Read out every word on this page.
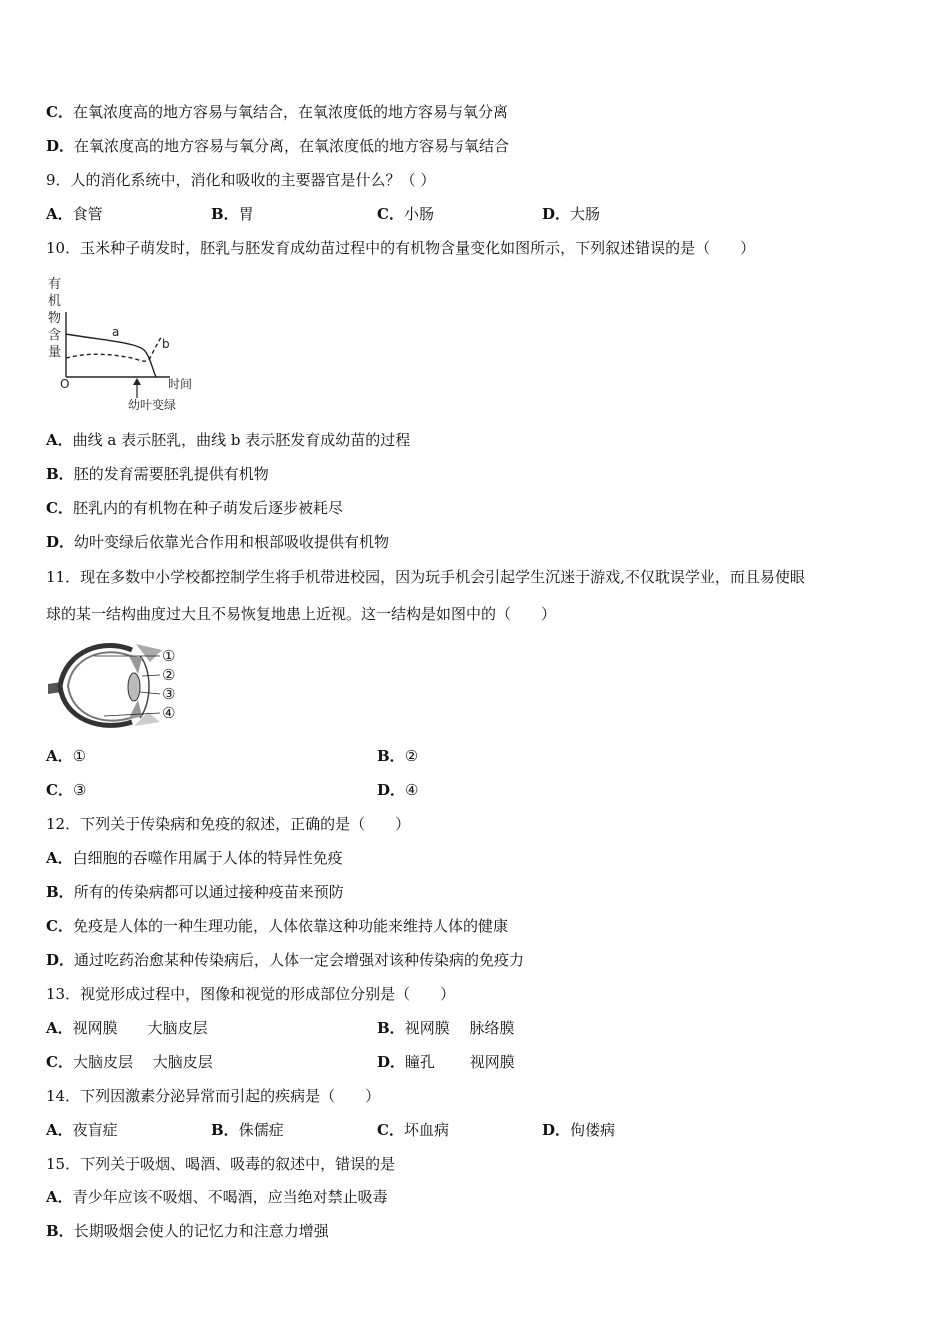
C．在氧浓度高的地方容易与氧结合，在氧浓度低的地方容易与氧分离
D．在氧浓度高的地方容易与氧分离，在氧浓度低的地方容易与氧结合
9．人的消化系统中，消化和吸收的主要器官是什么？（ ）
A．食管	B．胃	C．小肠	D．大肠
10．玉米种子萌发时，胚乳与胚发育成幼苗过程中的有机物含量变化如图所示，下列叙述错误的是（　　）
有机物含量
O	时间
a
b
幼叶变绿
A．曲线 a 表示胚乳，曲线 b 表示胚发育成幼苗的过程
B．胚的发育需要胚乳提供有机物
C．胚乳内的有机物在种子萌发后逐步被耗尽
D．幼叶变绿后依靠光合作用和根部吸收提供有机物
11．现在多数中小学校都控制学生将手机带进校园，因为玩手机会引起学生沉迷于游戏,不仅耽误学业，而且易使眼
球的某一结构曲度过大且不易恢复地患上近视。这一结构是如图中的（　　）
①
②
③
④
A．①	B．②
C．③	D．④
12．下列关于传染病和免疫的叙述，正确的是（　　）
A．白细胞的吞噬作用属于人体的特异性免疫
B．所有的传染病都可以通过接种疫苗来预防
C．免疫是人体的一种生理功能，人体依靠这种功能来维持人体的健康
D．通过吃药治愈某种传染病后，人体一定会增强对该种传染病的免疫力
13．视觉形成过程中，图像和视觉的形成部位分别是（　　）
A．视网膜　　大脑皮层	B．视网膜　 脉络膜
C．大脑皮层　 大脑皮层	D．瞳孔　　 视网膜
14．下列因激素分泌异常而引起的疾病是（　　）
A．夜盲症	B．侏儒症	C．坏血病	D．佝偻病
15．下列关于吸烟、喝酒、吸毒的叙述中，错误的是
A．青少年应该不吸烟、不喝酒，应当绝对禁止吸毒
B．长期吸烟会使人的记忆力和注意力增强
